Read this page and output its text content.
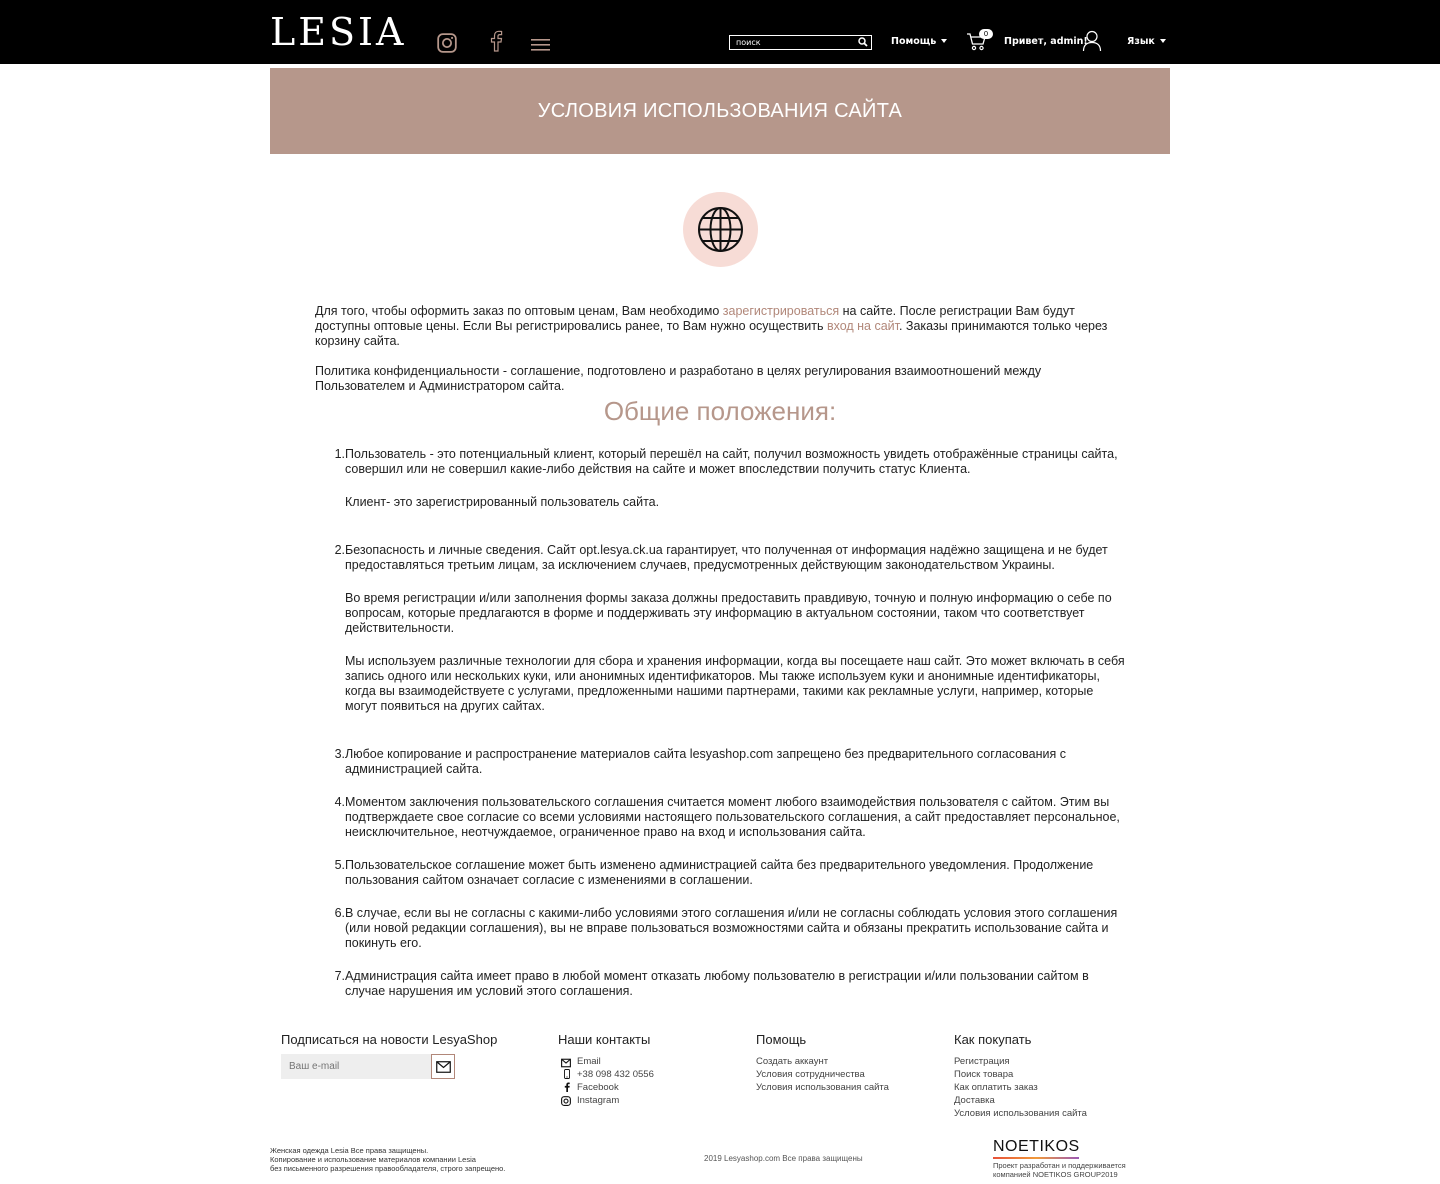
LESIA
поиск	Помощь
0
Привет, admin!	Язык
УСЛОВИЯ ИСПОЛЬЗОВАНИЯ САЙТА

Для того, чтобы оформить заказ по оптовым ценам, Вам необходимо зарегистрироваться на сайте. После регистрации Вам будут доступны оптовые цены. Если Вы регистрировались ранее, то Вам нужно осуществить вход на сайт. Заказы принимаются только через корзину сайта.

Политика конфиденциальности - соглашение, подготовлено и разработано в целях регулирования взаимоотношений между Пользователем и Администратором сайта.

Общие положения:
1. Пользователь - это потенциальный клиент, который перешёл на сайт, получил возможность увидеть отображённые страницы сайта, совершил или не совершил какие-либо действия на сайте и может впоследствии получить статус Клиента.

Клиент- это зарегистрированный пользователь сайта.

2. Безопасность и личные сведения. Сайт opt.lesya.ck.ua гарантирует, что полученная от информация надёжно защищена и не будет предоставляться третьим лицам, за исключением случаев, предусмотренных действующим законодательством Украины.

Во время регистрации и/или заполнения формы заказа должны предоставить правдивую, точную и полную информацию о себе по вопросам, которые предлагаются в форме и поддерживать эту информацию в актуальном состоянии, таком что соответствует действительности.

Мы используем различные технологии для сбора и хранения информации, когда вы посещаете наш сайт. Это может включать в себя запись одного или нескольких куки, или анонимных идентификаторов. Мы также используем куки и анонимные идентификаторы, когда вы взаимодействуете с услугами, предложенными нашими партнерами, такими как рекламные услуги, например, которые могут появиться на других сайтах.

3. Любое копирование и распространение материалов сайта lesyashop.com запрещено без предварительного согласования с администрацией сайта.

4. Моментом заключения пользовательского соглашения считается момент любого взаимодействия пользователя с сайтом. Этим вы подтверждаете свое согласие со всеми условиями настоящего пользовательского соглашения, а сайт предоставляет персональное, неисключительное, неотчуждаемое, ограниченное право на вход и использования сайта.

5. Пользовательское соглашение может быть изменено администрацией сайта без предварительного уведомления. Продолжение пользования сайтом означает согласие с изменениями в соглашении.

6. В случае, если вы не согласны с какими-либо условиями этого соглашения и/или не согласны соблюдать условия этого соглашения (или новой редакции соглашения), вы не вправе пользоваться возможностями сайта и обязаны прекратить использование сайта и покинуть его.

7. Администрация сайта имеет право в любой момент отказать любому пользователю в регистрации и/или пользовании сайтом в случае нарушения им условий этого соглашения.

Подписаться на новости LesyaShop
Ваш e-mail	Наши контакты
Email
+38 098 432 0556
Facebook
Instagram
Помощь
Создать аккаунт
Условия сотрудничества
Условия использования сайта
Как покупать
Регистрация
Поиск товара
Как оплатить заказ
Доставка
Условия использования сайта
Женская одежда Lesia Все права защищены.
Копирование и использование материалов компании Lesia
без письменного разрешения правообладателя, строго запрещено.
2019 Lesyashop.com Все права защищены
NOETIKOS
Проект разработан и поддерживается
компанией NOETIKOS GROUP2019
